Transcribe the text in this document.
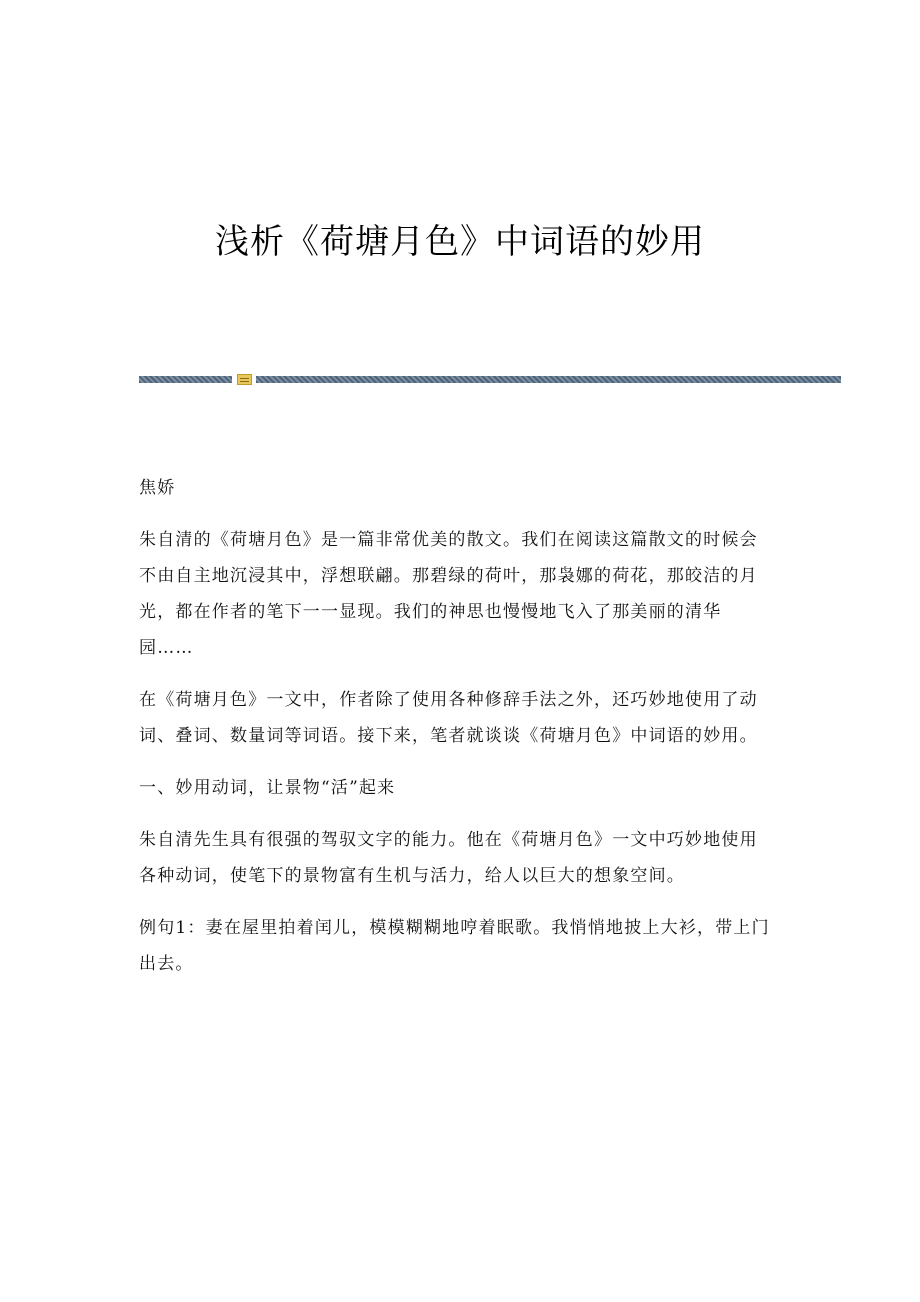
浅析《荷塘月色》中词语的妙用

焦娇

朱自清的《荷塘月色》是一篇非常优美的散文。我们在阅读这篇散文的时候会不由自主地沉浸其中，浮想联翩。那碧绿的荷叶，那袅娜的荷花，那皎洁的月光，都在作者的笔下一一显现。我们的神思也慢慢地飞入了那美丽的清华园……

在《荷塘月色》一文中，作者除了使用各种修辞手法之外，还巧妙地使用了动词、叠词、数量词等词语。接下来，笔者就谈谈《荷塘月色》中词语的妙用。

一、妙用动词，让景物“活”起来

朱自清先生具有很强的驾驭文字的能力。他在《荷塘月色》一文中巧妙地使用各种动词，使笔下的景物富有生机与活力，给人以巨大的想象空间。

例句1：妻在屋里拍着闰儿，模模糊糊地哼着眠歌。我悄悄地披上大衫，带上门出去。
